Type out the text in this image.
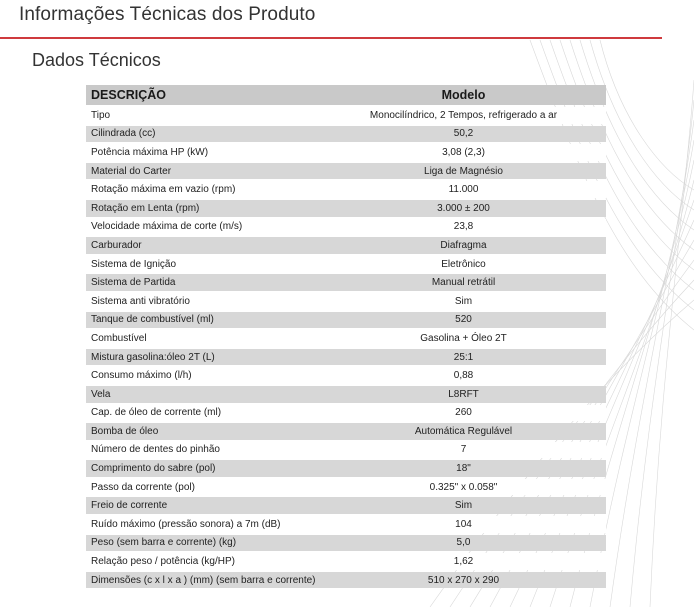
Informações Técnicas dos Produto
Dados Técnicos
DESCRIÇÃO	Modelo
Tipo	Monocilíndrico, 2 Tempos, refrigerado a ar
Cilindrada (cc)	50,2
Potência máxima HP (kW)	3,08 (2,3)
Material do Carter	Liga de Magnésio
Rotação máxima em vazio (rpm)	11.000
Rotação em Lenta (rpm)	3.000 ± 200
Velocidade máxima de corte (m/s)	23,8
Carburador	Diafragma
Sistema de Ignição	Eletrônico
Sistema de Partida	Manual retrátil
Sistema anti vibratório	Sim
Tanque de combustível (ml)	520
Combustível	Gasolina + Óleo 2T
Mistura gasolina:óleo 2T (L)	25:1
Consumo máximo (l/h)	0,88
Vela	L8RFT
Cap. de óleo de corrente (ml)	260
Bomba de óleo	Automática Regulável
Número de dentes do pinhão	7
Comprimento do sabre (pol)	18"
Passo da corrente (pol)	0.325" x 0.058"
Freio de corrente	Sim
Ruído máximo (pressão sonora) a 7m (dB)	104
Peso (sem barra e corrente) (kg)	5,0
Relação peso / potência (kg/HP)	1,62
Dimensões (c x l x a ) (mm) (sem barra e corrente)	510 x 270 x 290
